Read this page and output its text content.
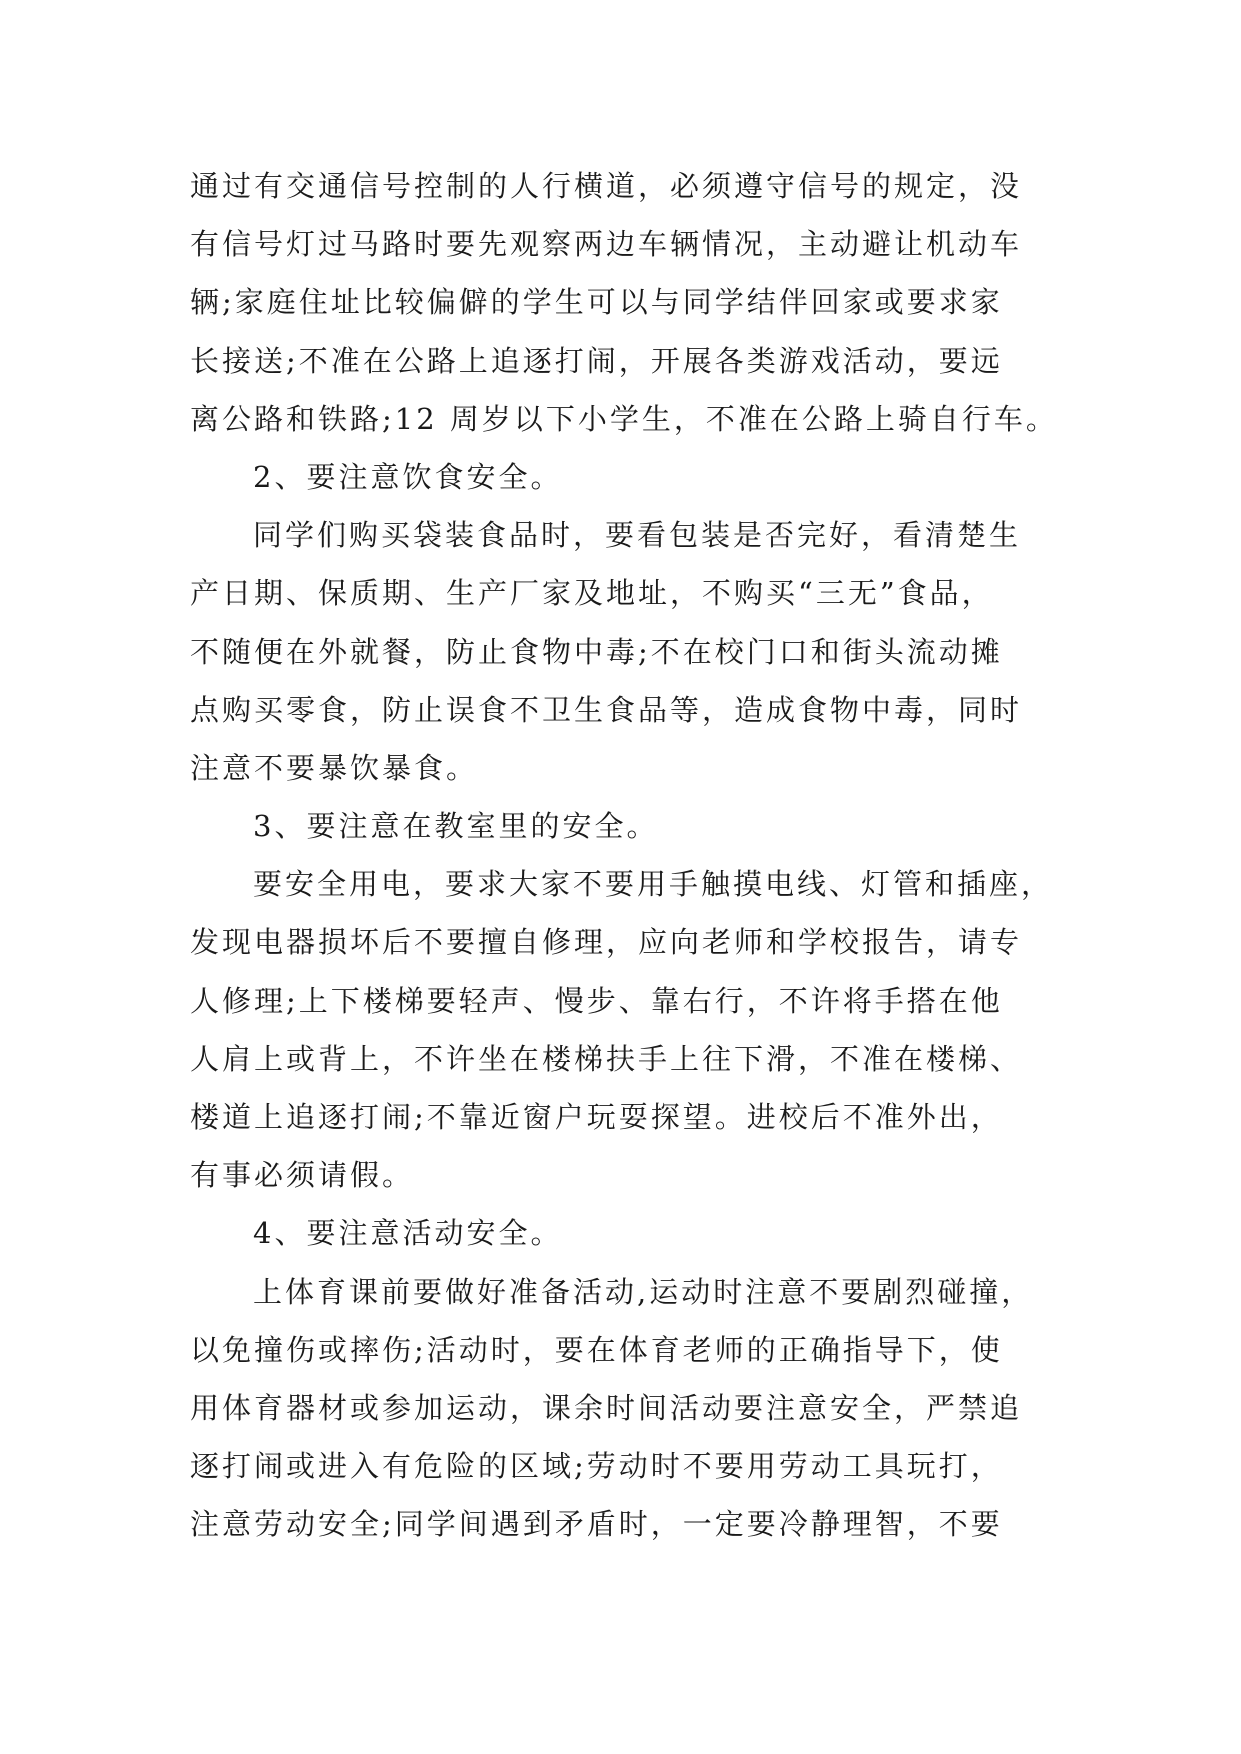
通过有交通信号控制的人行横道，必须遵守信号的规定，没
有信号灯过马路时要先观察两边车辆情况，主动避让机动车
辆;家庭住址比较偏僻的学生可以与同学结伴回家或要求家
长接送;不准在公路上追逐打闹，开展各类游戏活动，要远
离公路和铁路;12 周岁以下小学生，不准在公路上骑自行车。
2、要注意饮食安全。
同学们购买袋装食品时，要看包装是否完好，看清楚生
产日期、保质期、生产厂家及地址，不购买“三无”食品，
不随便在外就餐，防止食物中毒;不在校门口和街头流动摊
点购买零食，防止误食不卫生食品等，造成食物中毒，同时
注意不要暴饮暴食。
3、要注意在教室里的安全。
要安全用电，要求大家不要用手触摸电线、灯管和插座，
发现电器损坏后不要擅自修理，应向老师和学校报告，请专
人修理;上下楼梯要轻声、慢步、靠右行，不许将手搭在他
人肩上或背上，不许坐在楼梯扶手上往下滑，不准在楼梯、
楼道上追逐打闹;不靠近窗户玩耍探望。进校后不准外出，
有事必须请假。
4、要注意活动安全。
上体育课前要做好准备活动,运动时注意不要剧烈碰撞，
以免撞伤或摔伤;活动时，要在体育老师的正确指导下，使
用体育器材或参加运动，课余时间活动要注意安全，严禁追
逐打闹或进入有危险的区域;劳动时不要用劳动工具玩打，
注意劳动安全;同学间遇到矛盾时，一定要冷静理智，不要
